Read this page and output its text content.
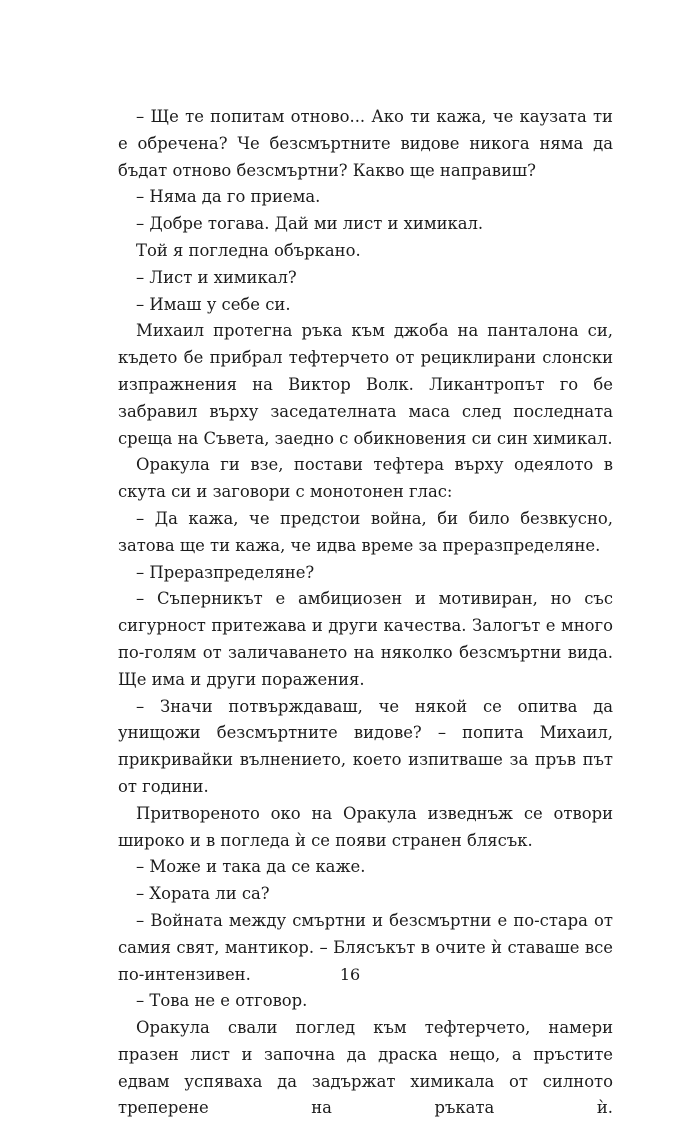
– Ще те попитам отново... Ако ти кажа, че каузата ти е обречена? Че безсмъртните видове никога няма да бъдат отново безсмъртни? Какво ще направиш?

– Няма да го приема.

– Добре тогава. Дай ми лист и химикал.

Той я погледна объркано.

– Лист и химикал?

– Имаш у себе си.

Михаил протегна ръка към джоба на панталона си, където бе прибрал тефтерчето от рециклирани слонски изпражнения на Виктор Волк. Ликантропът го бе забравил върху заседателната маса след последната среща на Съвета, заедно с обикновения си син химикал.

Оракула ги взе, постави тефтера върху одеялото в скута си и заговори с монотонен глас:

– Да кажа, че предстои война, би било безвкусно, затова ще ти кажа, че идва време за преразпределяне.

– Преразпределяне?

– Съперникът е амбициозен и мотивиран, но със сигурност притежава и други качества. Залогът е много по-голям от заличаването на няколко безсмъртни вида. Ще има и други поражения.

– Значи потвърждаваш, че някой се опитва да унищожи безсмъртните видове? – попита Михаил, прикривайки вълнението, което изпитваше за пръв път от години.

Притвореното око на Оракула изведнъж се отвори широко и в погледа ѝ се появи странен блясък.

– Може и така да се каже.

– Хората ли са?

– Войната между смъртни и безсмъртни е по-стара от самия свят, мантикор. – Блясъкът в очите ѝ ставаше все по-интензивен.

– Това не е отговор.

Оракула свали поглед към тефтерчето, намери празен лист и започна да драска нещо, а пръстите едвам успяваха да задържат химикала от силното треперене на ръката ѝ.

16
